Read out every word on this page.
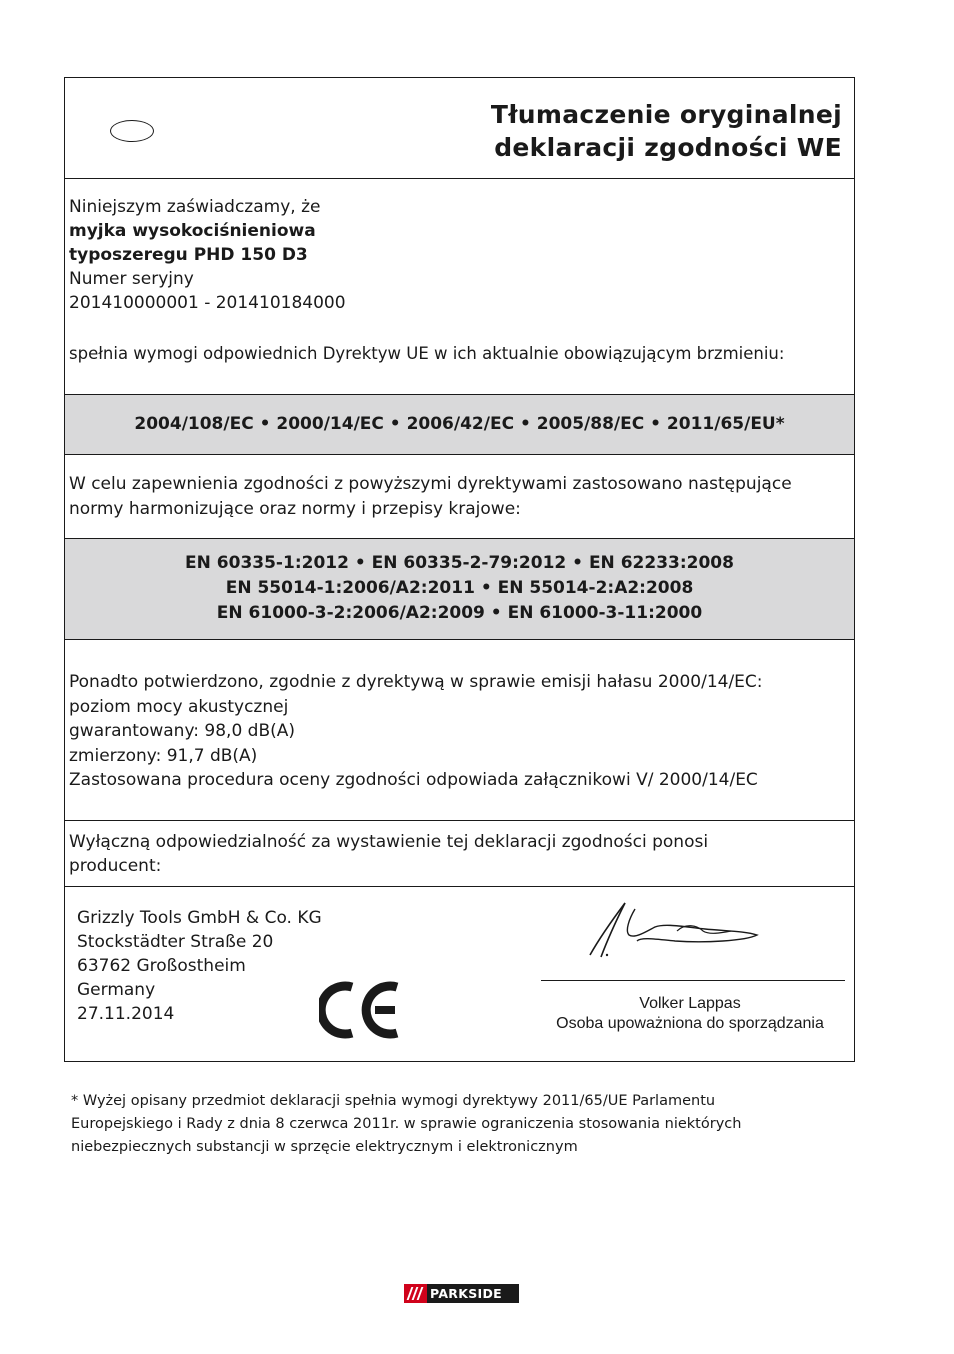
Tłumaczenie oryginalnej
deklaracji zgodności WE
Niniejszym zaświadczamy, że
myjka wysokociśnieniowa
typoszeregu PHD 150 D3
Numer seryjny
201410000001 - 201410184000
spełnia wymogi odpowiednich Dyrektyw UE w ich aktualnie obowiązującym brzmieniu:
2004/108/EC • 2000/14/EC • 2006/42/EC • 2005/88/EC • 2011/65/EU*
W celu zapewnienia zgodności z powyższymi dyrektywami zastosowano następujące
normy harmonizujące oraz normy i przepisy krajowe:
EN 60335-1:2012 • EN 60335-2-79:2012 • EN 62233:2008
EN 55014-1:2006/A2:2011 • EN 55014-2:A2:2008
EN 61000-3-2:2006/A2:2009 • EN 61000-3-11:2000
Ponadto potwierdzono, zgodnie z dyrektywą w sprawie emisji hałasu 2000/14/EC:
poziom mocy akustycznej
gwarantowany: 98,0 dB(A)
zmierzony: 91,7 dB(A)
Zastosowana procedura oceny zgodności odpowiada załącznikowi V/ 2000/14/EC
Wyłączną odpowiedzialność za wystawienie tej deklaracji zgodności ponosi
producent:
Grizzly Tools GmbH & Co. KG
Stockstädter Straße 20
63762 Großostheim
Germany
27.11.2014
Volker Lappas
Osoba upoważniona do sporządzania
* Wyżej opisany przedmiot deklaracji spełnia wymogi dyrektywy 2011/65/UE Parlamentu
Europejskiego i Rady z dnia 8 czerwca 2011r. w sprawie ograniczenia stosowania niektórych
niebezpiecznych substancji w sprzęcie elektrycznym i elektronicznym
PARKSIDE
